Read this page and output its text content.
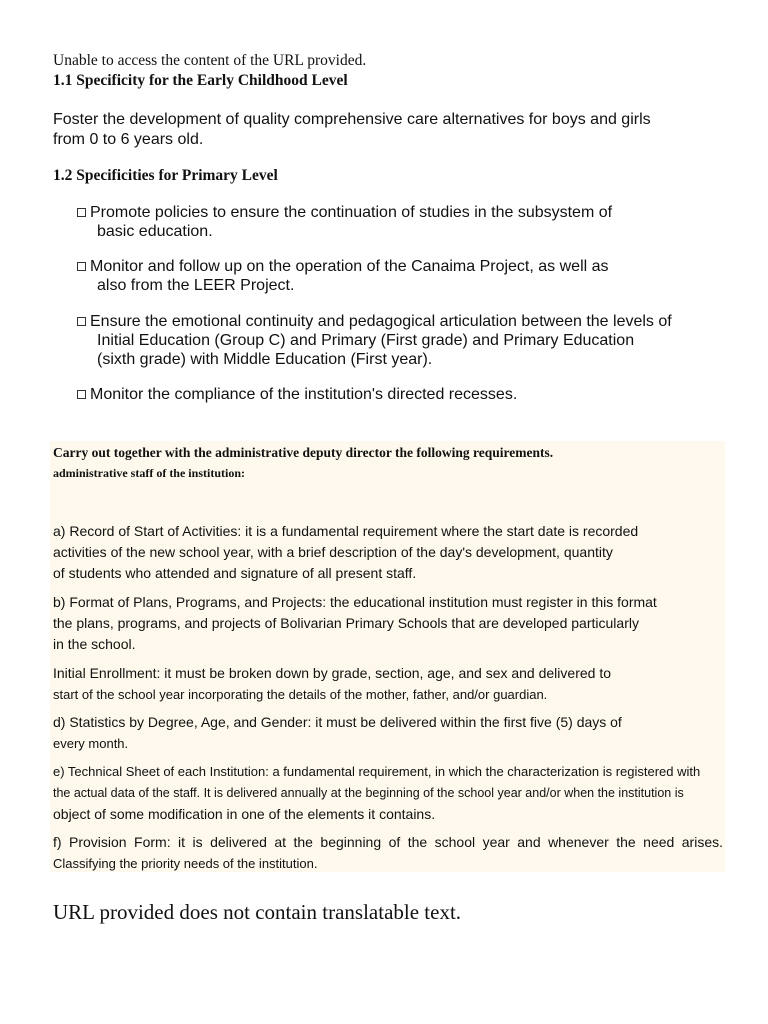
Unable to access the content of the URL provided.
1.1 Specificity for the Early Childhood Level
Foster the development of quality comprehensive care alternatives for boys and girls
from 0 to 6 years old.
1.2 Specificities for Primary Level
Promote policies to ensure the continuation of studies in the subsystem of
basic education.
Monitor and follow up on the operation of the Canaima Project, as well as
also from the LEER Project.
Ensure the emotional continuity and pedagogical articulation between the levels of
Initial Education (Group C) and Primary (First grade) and Primary Education
(sixth grade) with Middle Education (First year).
Monitor the compliance of the institution's directed recesses.
Carry out together with the administrative deputy director the following requirements.
administrative staff of the institution:
a) Record of Start of Activities: it is a fundamental requirement where the start date is recorded
activities of the new school year, with a brief description of the day's development, quantity
of students who attended and signature of all present staff.
b) Format of Plans, Programs, and Projects: the educational institution must register in this format
the plans, programs, and projects of Bolivarian Primary Schools that are developed particularly
in the school.
Initial Enrollment: it must be broken down by grade, section, age, and sex and delivered to
start of the school year incorporating the details of the mother, father, and/or guardian.
d) Statistics by Degree, Age, and Gender: it must be delivered within the first five (5) days of
every month.
e) Technical Sheet of each Institution: a fundamental requirement, in which the characterization is registered with
the actual data of the staff. It is delivered annually at the beginning of the school year and/or when the institution is
object of some modification in one of the elements it contains.
f) Provision Form: it is delivered at the beginning of the school year and whenever the need arises.
Classifying the priority needs of the institution.
URL provided does not contain translatable text.
